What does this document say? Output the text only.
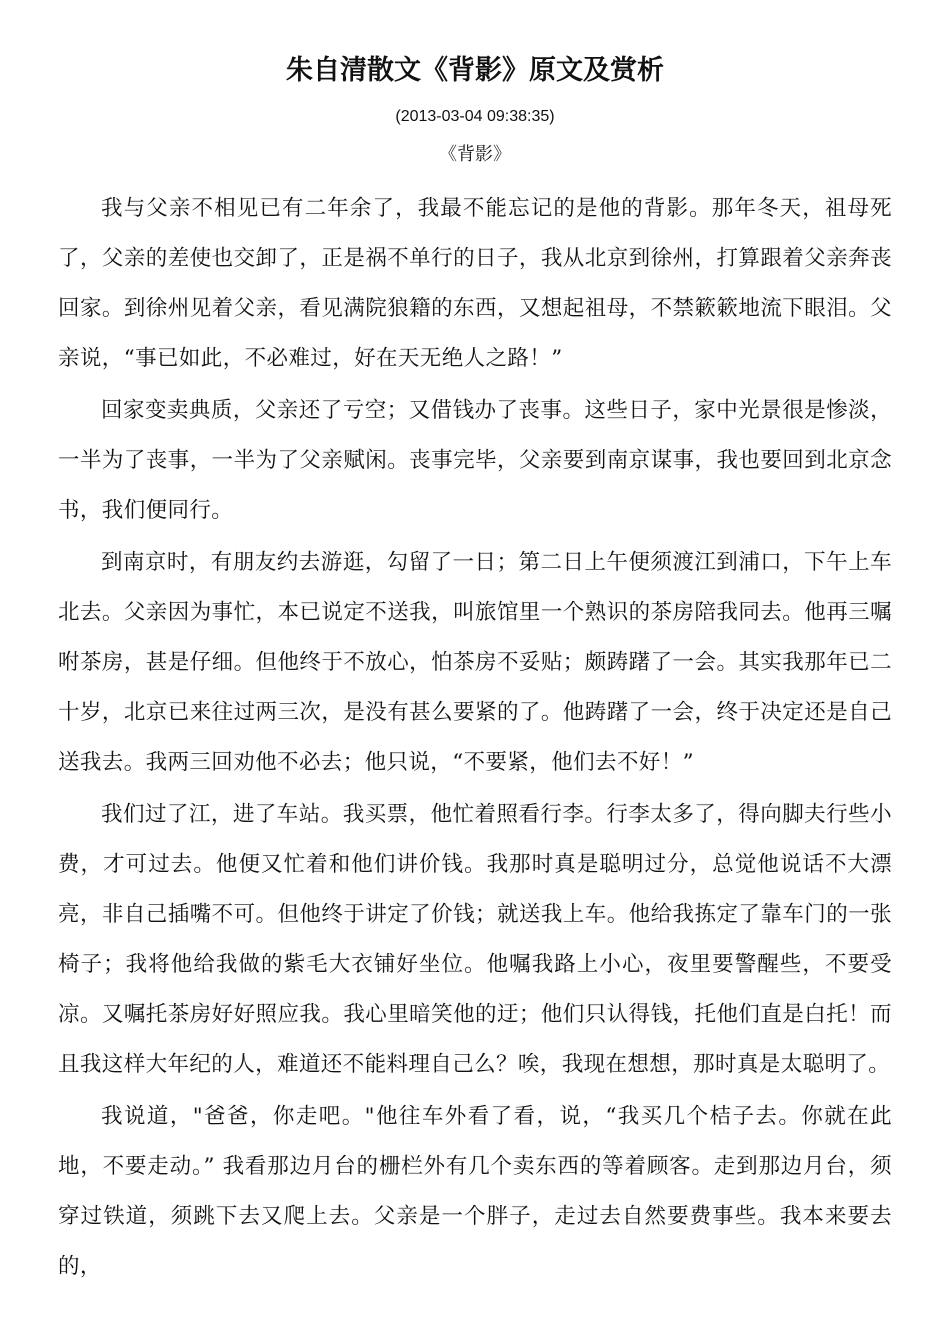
朱自清散文《背影》原文及赏析
(2013-03-04 09:38:35)
《背影》

我与父亲不相见已有二年余了，我最不能忘记的是他的背影。那年冬天，祖母死了，父亲的差使也交卸了，正是祸不单行的日子，我从北京到徐州，打算跟着父亲奔丧回家。到徐州见着父亲，看见满院狼籍的东西，又想起祖母，不禁簌簌地流下眼泪。父亲说，“事已如此，不必难过，好在天无绝人之路！”

回家变卖典质，父亲还了亏空；又借钱办了丧事。这些日子，家中光景很是惨淡，一半为了丧事，一半为了父亲赋闲。丧事完毕，父亲要到南京谋事，我也要回到北京念书，我们便同行。

到南京时，有朋友约去游逛，勾留了一日；第二日上午便须渡江到浦口，下午上车北去。父亲因为事忙，本已说定不送我，叫旅馆里一个熟识的茶房陪我同去。他再三嘱咐茶房，甚是仔细。但他终于不放心，怕茶房不妥贴；颇踌躇了一会。其实我那年已二十岁，北京已来往过两三次，是没有甚么要紧的了。他踌躇了一会，终于决定还是自己送我去。我两三回劝他不必去；他只说，“不要紧，他们去不好！”

我们过了江，进了车站。我买票，他忙着照看行李。行李太多了，得向脚夫行些小费，才可过去。他便又忙着和他们讲价钱。我那时真是聪明过分，总觉他说话不大漂亮，非自己插嘴不可。但他终于讲定了价钱；就送我上车。他给我拣定了靠车门的一张椅子；我将他给我做的紫毛大衣铺好坐位。他嘱我路上小心，夜里要警醒些，不要受凉。又嘱托茶房好好照应我。我心里暗笑他的迂；他们只认得钱，托他们直是白托！而且我这样大年纪的人，难道还不能料理自己么？唉，我现在想想，那时真是太聪明了。

我说道，"爸爸，你走吧。"他往车外看了看，说，“我买几个桔子去。你就在此地，不要走动。” 我看那边月台的栅栏外有几个卖东西的等着顾客。走到那边月台，须穿过铁道，须跳下去又爬上去。父亲是一个胖子，走过去自然要费事些。我本来要去的，
